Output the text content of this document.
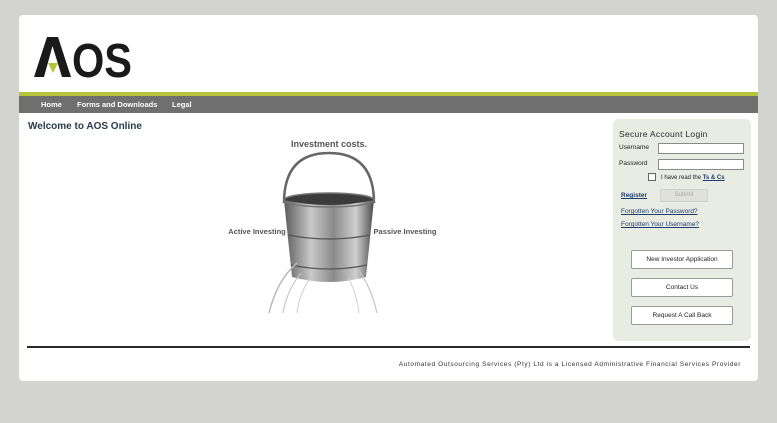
OS
Home Forms and Downloads Legal
Welcome to AOS Online
Investment costs.
Active Investing	Passive Investing
Secure Account Login
Username
Password
I have read the Ts & Cs
Register	Submit
Forgotten Your Password?
Forgotten Your Username?
New Investor Application
Contact Us
Request A Call Back
Automated Outsourcing Services (Pty) Ltd is a Licensed Administrative Financial Services Provider
